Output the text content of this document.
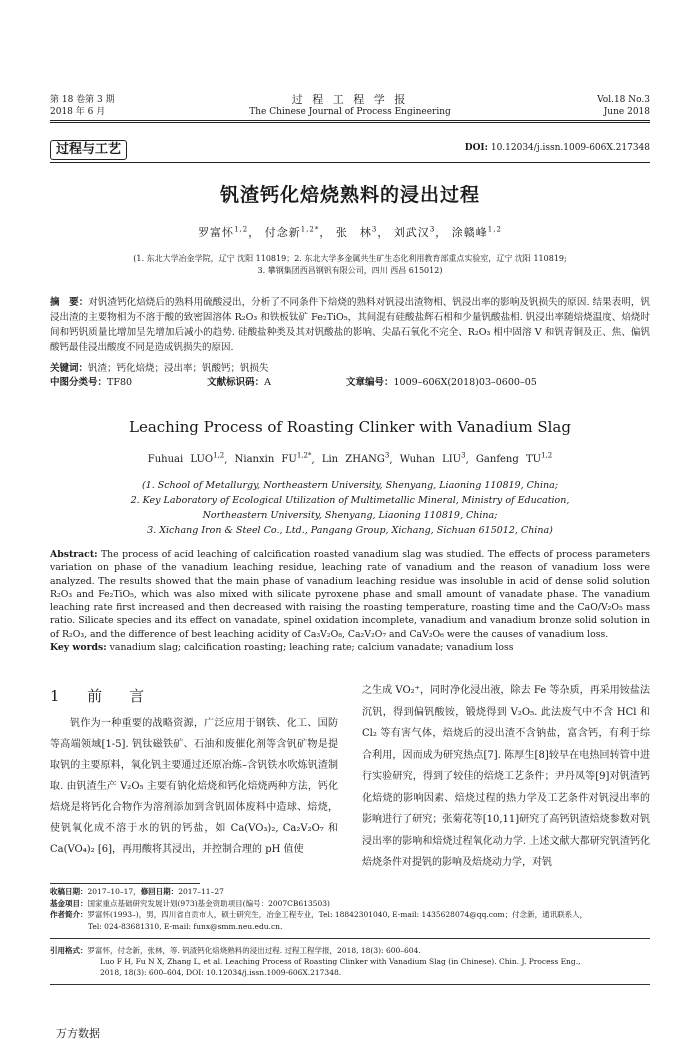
第 18 卷第 3 期
2018 年 6 月
过 程 工 程 学 报
The Chinese Journal of Process Engineering
Vol.18 No.3
June 2018
过程与工艺	DOI: 10.12034/j.issn.1009-606X.217348
钒渣钙化焙烧熟料的浸出过程
罗富怀$^{1,2}$， 付念新$^{1,2*}$， 张　林$^3$， 刘武汉$^3$， 涂赣峰$^{1,2}$
(1. 东北大学冶金学院，辽宁 沈阳 110819；2. 东北大学多金属共生矿生态化利用教育部重点实验室，辽宁 沈阳 110819;
3. 攀钢集团西昌钢钒有限公司，四川 西昌 615012)
摘　要：对钒渣钙化焙烧后的熟料用硫酸浸出，分析了不同条件下焙烧的熟料对钒浸出渣物相、钒浸出率的影响及钒损失的原因. 结果表明，钒浸出渣的主要物相为不溶于酸的致密固溶体 R₂O₃ 和铁板钛矿 Fe₂TiO₅，其间混有硅酸盐辉石相和少量钒酸盐相. 钒浸出率随焙烧温度、焙烧时间和钙钒质量比增加呈先增加后减小的趋势. 硅酸盐种类及其对钒酸盐的影响、尖晶石氧化不完全、R₂O₃ 相中固溶 V 和钒青铜及正、焦、偏钒酸钙最佳浸出酸度不同是造成钒损失的原因.
关键词：钒渣；钙化焙烧；浸出率；钒酸钙；钒损失
中图分类号：TF80	文献标识码：A	文章编号：1009–606X(2018)03–0600–05
Leaching Process of Roasting Clinker with Vanadium Slag
Fuhuai LUO$^{1,2}$, Nianxin $FU^{1,2*}$, Lin ZHANG$^3$, Wuhan LIU$^3$, Ganfeng TU$^{1,2}$
(1. School of Metallurgy, Northeastern University, Shenyang, Liaoning 110819, China;
2. Key Laboratory of Ecological Utilization of Multimetallic Mineral, Ministry of Education,
Northeastern University, Shenyang, Liaoning 110819, China;
3. Xichang Iron & Steel Co., Ltd., Pangang Group, Xichang, Sichuan 615012, China)
Abstract: The process of acid leaching of calcification roasted vanadium slag was studied. The effects of process parameters variation on phase of the vanadium leaching residue, leaching rate of vanadium and the reason of vanadium loss were analyzed. The results showed that the main phase of vanadium leaching residue was insoluble in acid of dense solid solution R₂O₃ and Fe₂TiO₅, which was also mixed with silicate pyroxene phase and small amount of vanadate phase. The vanadium leaching rate first increased and then decreased with raising the roasting temperature, roasting time and the CaO/V₂O₅ mass ratio. Silicate species and its effect on vanadate, spinel oxidation incomplete, vanadium and vanadium bronze solid solution in of R₂O₃, and the difference of best leaching acidity of Ca₃V₂O₈, Ca₂V₂O₇ and CaV₂O₆ were the causes of vanadium loss.
Key words: vanadium slag; calcification roasting; leaching rate; calcium vanadate; vanadium loss
1 前　言

钒作为一种重要的战略资源，广泛应用于钢铁、化工、国防等高端领域[1-5]. 钒钛磁铁矿、石油和废催化剂等含钒矿物是提取钒的主要原料，氧化钒主要通过还原冶炼–含钒铁水吹炼钒渣制取. 由钒渣生产 V₂O₅ 主要有钠化焙烧和钙化焙烧两种方法，钙化焙烧是将钙化合物作为溶剂添加到含钒固体废料中造球、焙烧，使钒氧化成不溶于水的钒的钙盐，如 Ca(VO₃)₂, Ca₂V₂O₇ 和 Ca(VO₄)₂ [6]，再用酸将其浸出，并控制合理的 pH 值使

之生成 VO₂⁺，同时净化浸出液，除去 Fe 等杂质，再采用铵盐法沉钒，得到偏钒酸铵，锻烧得到 V₂O₅. 此法废气中不含 HCl 和 Cl₂ 等有害气体，焙烧后的浸出渣不含钠盐，富含钙，有利于综合利用，因而成为研究热点[7]. 陈厚生[8]较早在电热回转管中进行实验研究，得到了较佳的焙烧工艺条件；尹丹凤等[9]对钒渣钙化焙烧的影响因素、焙烧过程的热力学及工艺条件对钒浸出率的影响进行了研究；张菊花等[10,11]研究了高钙钒渣焙烧参数对钒浸出率的影响和焙烧过程氧化动力学. 上述文献大都研究钒渣钙化焙烧条件对提钒的影响及焙烧动力学，对钒

收稿日期：2017–10–17，修回日期：2017–11–27
基金项目：国家重点基础研究发展计划(973)基金资助项目(编号：2007CB613503)
作者简介：罗富怀(1993–)，男，四川省自贡市人，硕士研究生，冶金工程专业，Tel: 18842301040, E-mail: 1435628074@qq.com；付念新，通讯联系人，
Tel: 024-83681310, E-mail: funx@smm.neu.edu.cn.
引用格式：罗富怀，付念新，张林，等. 钒渣钙化焙烧熟料的浸出过程. 过程工程学报，2018, 18(3): 600–604.
Luo F H, Fu N X, Zhang L, et al. Leaching Process of Roasting Clinker with Vanadium Slag (in Chinese). Chin. J. Process Eng.,
2018, 18(3): 600–604, DOI: 10.12034/j.issn.1009-606X.217348.
万方数据
